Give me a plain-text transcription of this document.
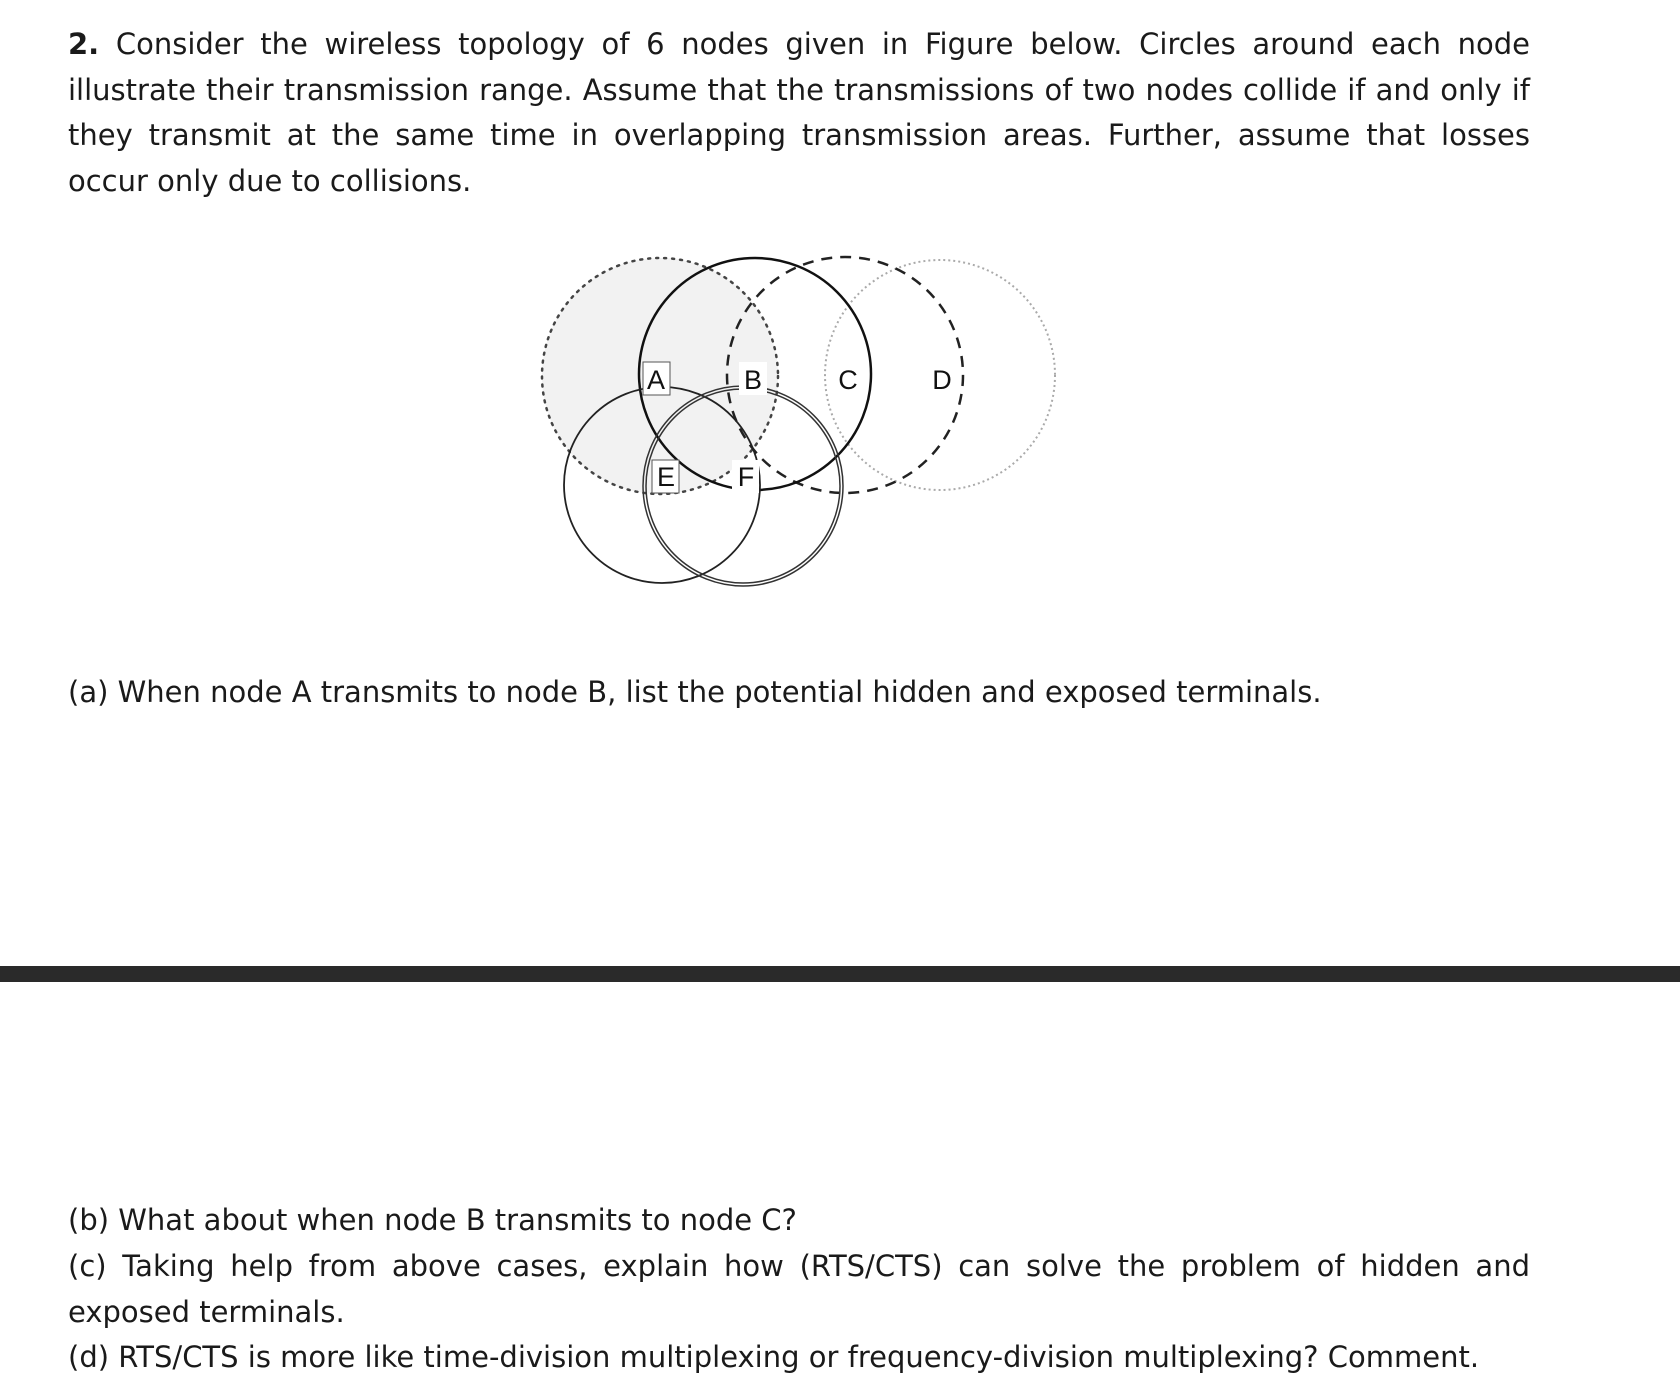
2. Consider the wireless topology of 6 nodes given in Figure below. Circles around each node illustrate their transmission range. Assume that the transmissions of two nodes collide if and only if they transmit at the same time in overlapping transmission areas. Further, assume that losses occur only due to collisions.

A	B	C	D
E F

(a) When node A transmits to node B, list the potential hidden and exposed terminals.

(b) What about when node B transmits to node C?

(c) Taking help from above cases, explain how (RTS/CTS) can solve the problem of hidden and exposed terminals.

(d) RTS/CTS is more like time-division multiplexing or frequency-division multiplexing? Comment.
